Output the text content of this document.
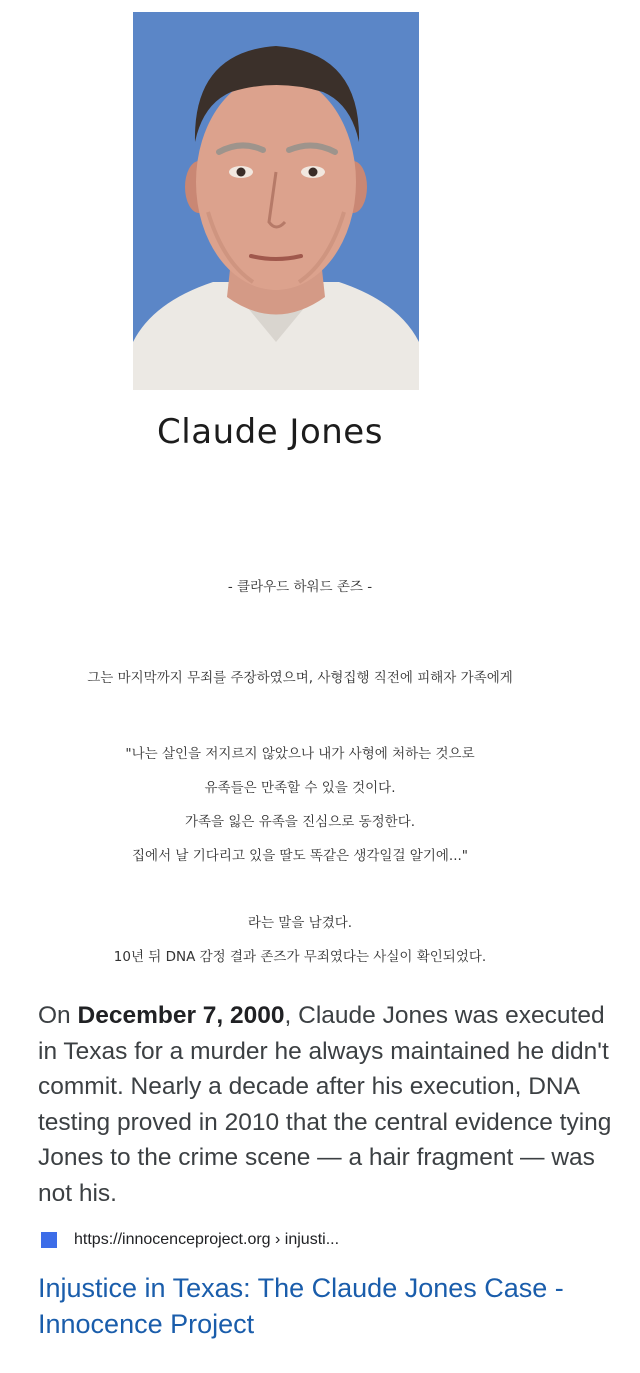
Claude Jones
- 클라우드 하워드 존즈 -
그는 마지막까지 무죄를 주장하였으며, 사형집행 직전에 피해자 가족에게
"나는 살인을 저지르지 않았으나 내가 사형에 처하는 것으로
유족들은 만족할 수 있을 것이다.
가족을 잃은 유족을 진심으로 동정한다.
집에서 날 기다리고 있을 딸도 똑같은 생각일걸 알기에..."
라는 말을 남겼다.
10년 뒤 DNA 감정 결과 존즈가 무죄였다는 사실이 확인되었다.
On December 7, 2000, Claude Jones was executed in Texas for a murder he always maintained he didn't commit. Nearly a decade after his execution, DNA testing proved in 2010 that the central evidence tying Jones to the crime scene — a hair fragment — was not his.
https://innocenceproject.org › injusti...
Injustice in Texas: The Claude Jones Case - Innocence Project
